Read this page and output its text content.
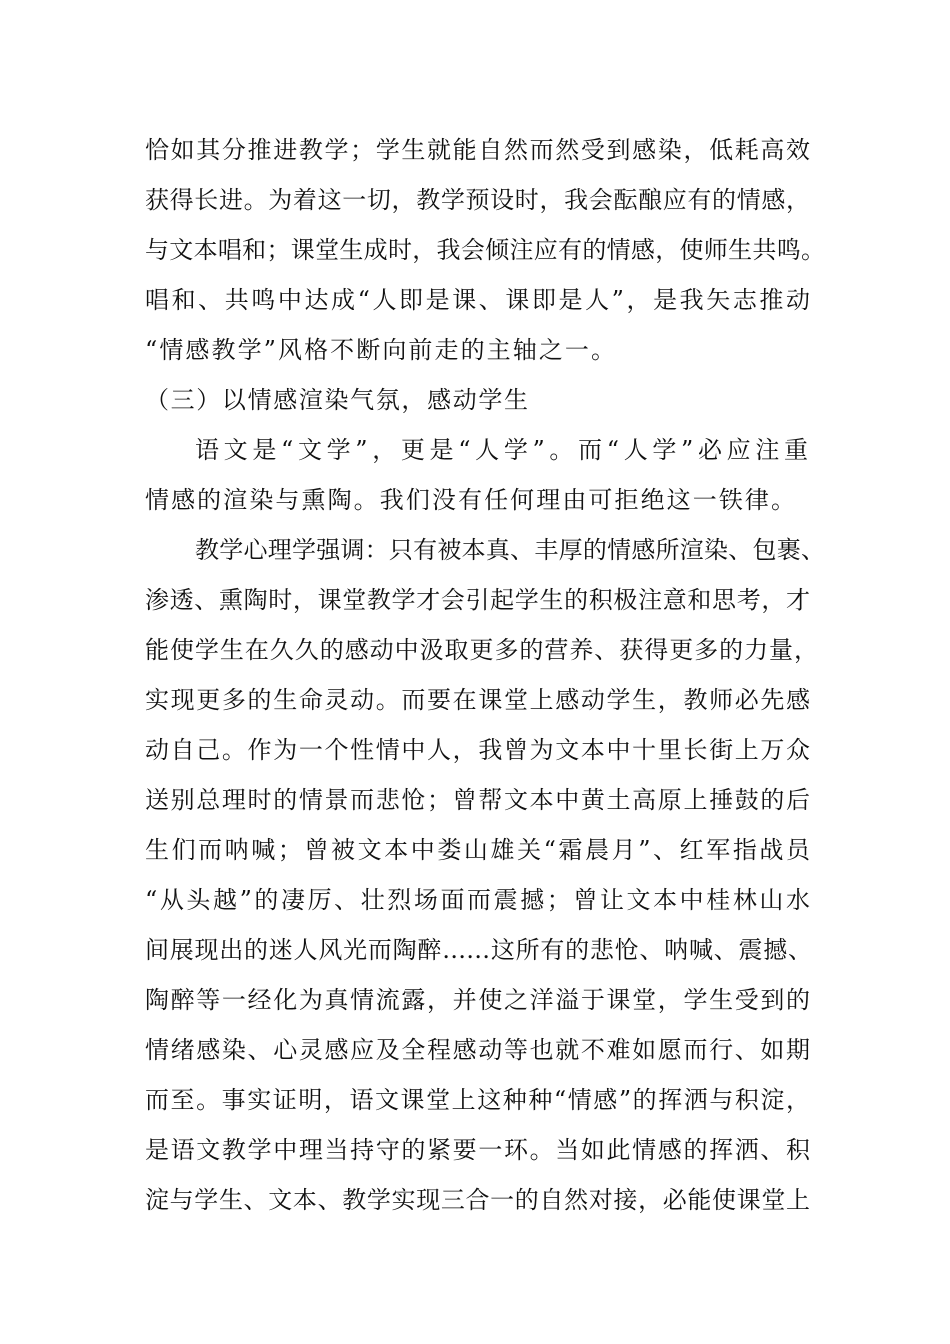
恰如其分推进教学；学生就能自然而然受到感染，低耗高效
获得长进。为着这一切，教学预设时，我会酝酿应有的情感，
与文本唱和；课堂生成时，我会倾注应有的情感，使师生共鸣。
唱和、共鸣中达成“人即是课、课即是人”，是我矢志推动
“情感教学”风格不断向前走的主轴之一。
（三）以情感渲染气氛，感动学生
语文是“文学”，更是“人学”。而“人学”必应注重
情感的渲染与熏陶。我们没有任何理由可拒绝这一铁律。
教学心理学强调：只有被本真、丰厚的情感所渲染、包裹、
渗透、熏陶时，课堂教学才会引起学生的积极注意和思考，才
能使学生在久久的感动中汲取更多的营养、获得更多的力量，
实现更多的生命灵动。而要在课堂上感动学生，教师必先感
动自己。作为一个性情中人，我曾为文本中十里长街上万众
送别总理时的情景而悲怆；曾帮文本中黄土高原上捶鼓的后
生们而呐喊；曾被文本中娄山雄关“霜晨月”、红军指战员
“从头越”的凄厉、壮烈场面而震撼；曾让文本中桂林山水
间展现出的迷人风光而陶醉……这所有的悲怆、呐喊、震撼、
陶醉等一经化为真情流露，并使之洋溢于课堂，学生受到的
情绪感染、心灵感应及全程感动等也就不难如愿而行、如期
而至。事实证明，语文课堂上这种种“情感”的挥洒与积淀，
是语文教学中理当持守的紧要一环。当如此情感的挥洒、积
淀与学生、文本、教学实现三合一的自然对接，必能使课堂上
